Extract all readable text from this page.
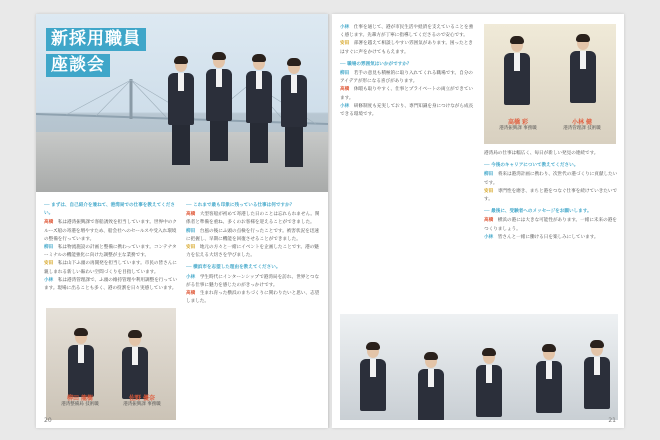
新採用職員
座談会

── まずは、自己紹介を兼ねて、港湾局での仕事を教えてください。

高橋　 私は港湾振興課で客船誘致を担当しています。世界中のクルーズ船の寄港を増やすため、船会社へのセールスや受入れ環境の整備を行っています。

柳田　 私は物流施設の計画と整備に携わっています。コンテナターミナルの機能強化に向けた調整が主な業務です。

安田　 私は山下ふ頭の再開発を担当しています。市民の皆さんに親しまれる新しい賑わい空間づくりを目指しています。

小林　 私は港湾管理課で、ふ頭の維持管理や利用調整を行っています。現場に出ることも多く、港の役割を日々実感しています。

── これまで最も印象に残っている仕事は何ですか？

高橋　 大型客船が初めて寄港した日のことは忘れられません。関係者と準備を重ね、多くのお客様を迎えることができました。

柳田　 台風の後にふ頭の点検を行ったことです。被害状況を迅速に把握し、早期に機能を回復させることができました。

安田　 地元の方々と一緒にイベントを企画したことです。港の魅力を伝える大切さを学びました。

── 横浜市を志望した理由を教えてください。

小林　 学生時代にインターンシップで港湾局を訪れ、世界とつながる仕事に魅力を感じたのがきっかけです。

高橋　 生まれ育った横浜のまちづくりに関わりたいと思い、志望しました。

柳田 龍樹
港湾整備局 技術職
佐野 優奈
港湾振興課 事務職
20

小林　 仕事を通じて、港が市民生活や経済を支えていることを強く感じます。先輩方が丁寧に指導してくださるので安心です。

安田　 部署を越えて相談しやすい雰囲気があります。困ったときはすぐに声をかけてもらえます。

── 職場の雰囲気はいかがですか？

柳田　 若手の意見も積極的に取り入れてくれる職場です。自分のアイデアが形になる喜びがあります。

高橋　 休暇も取りやすく、仕事とプライベートの両立ができています。

小林　 研修制度も充実しており、専門知識を身につけながら成長できる環境です。

高橋 彩
港湾振興課 事務職
小林 健
港湾管理課 技術職

港湾局の仕事は幅広く、毎日が新しい発見の連続です。

── 今後のキャリアについて教えてください。

柳田　 将来は港湾計画に携わり、次世代の港づくりに貢献したいです。

安田　 専門性を磨き、まちと港をつなぐ仕事を続けていきたいです。

── 最後に、受験者へのメッセージをお願いします。

高橋　 横浜の港には大きな可能性があります。一緒に未来の港をつくりましょう。

小林　 皆さんと一緒に働ける日を楽しみにしています。

21
